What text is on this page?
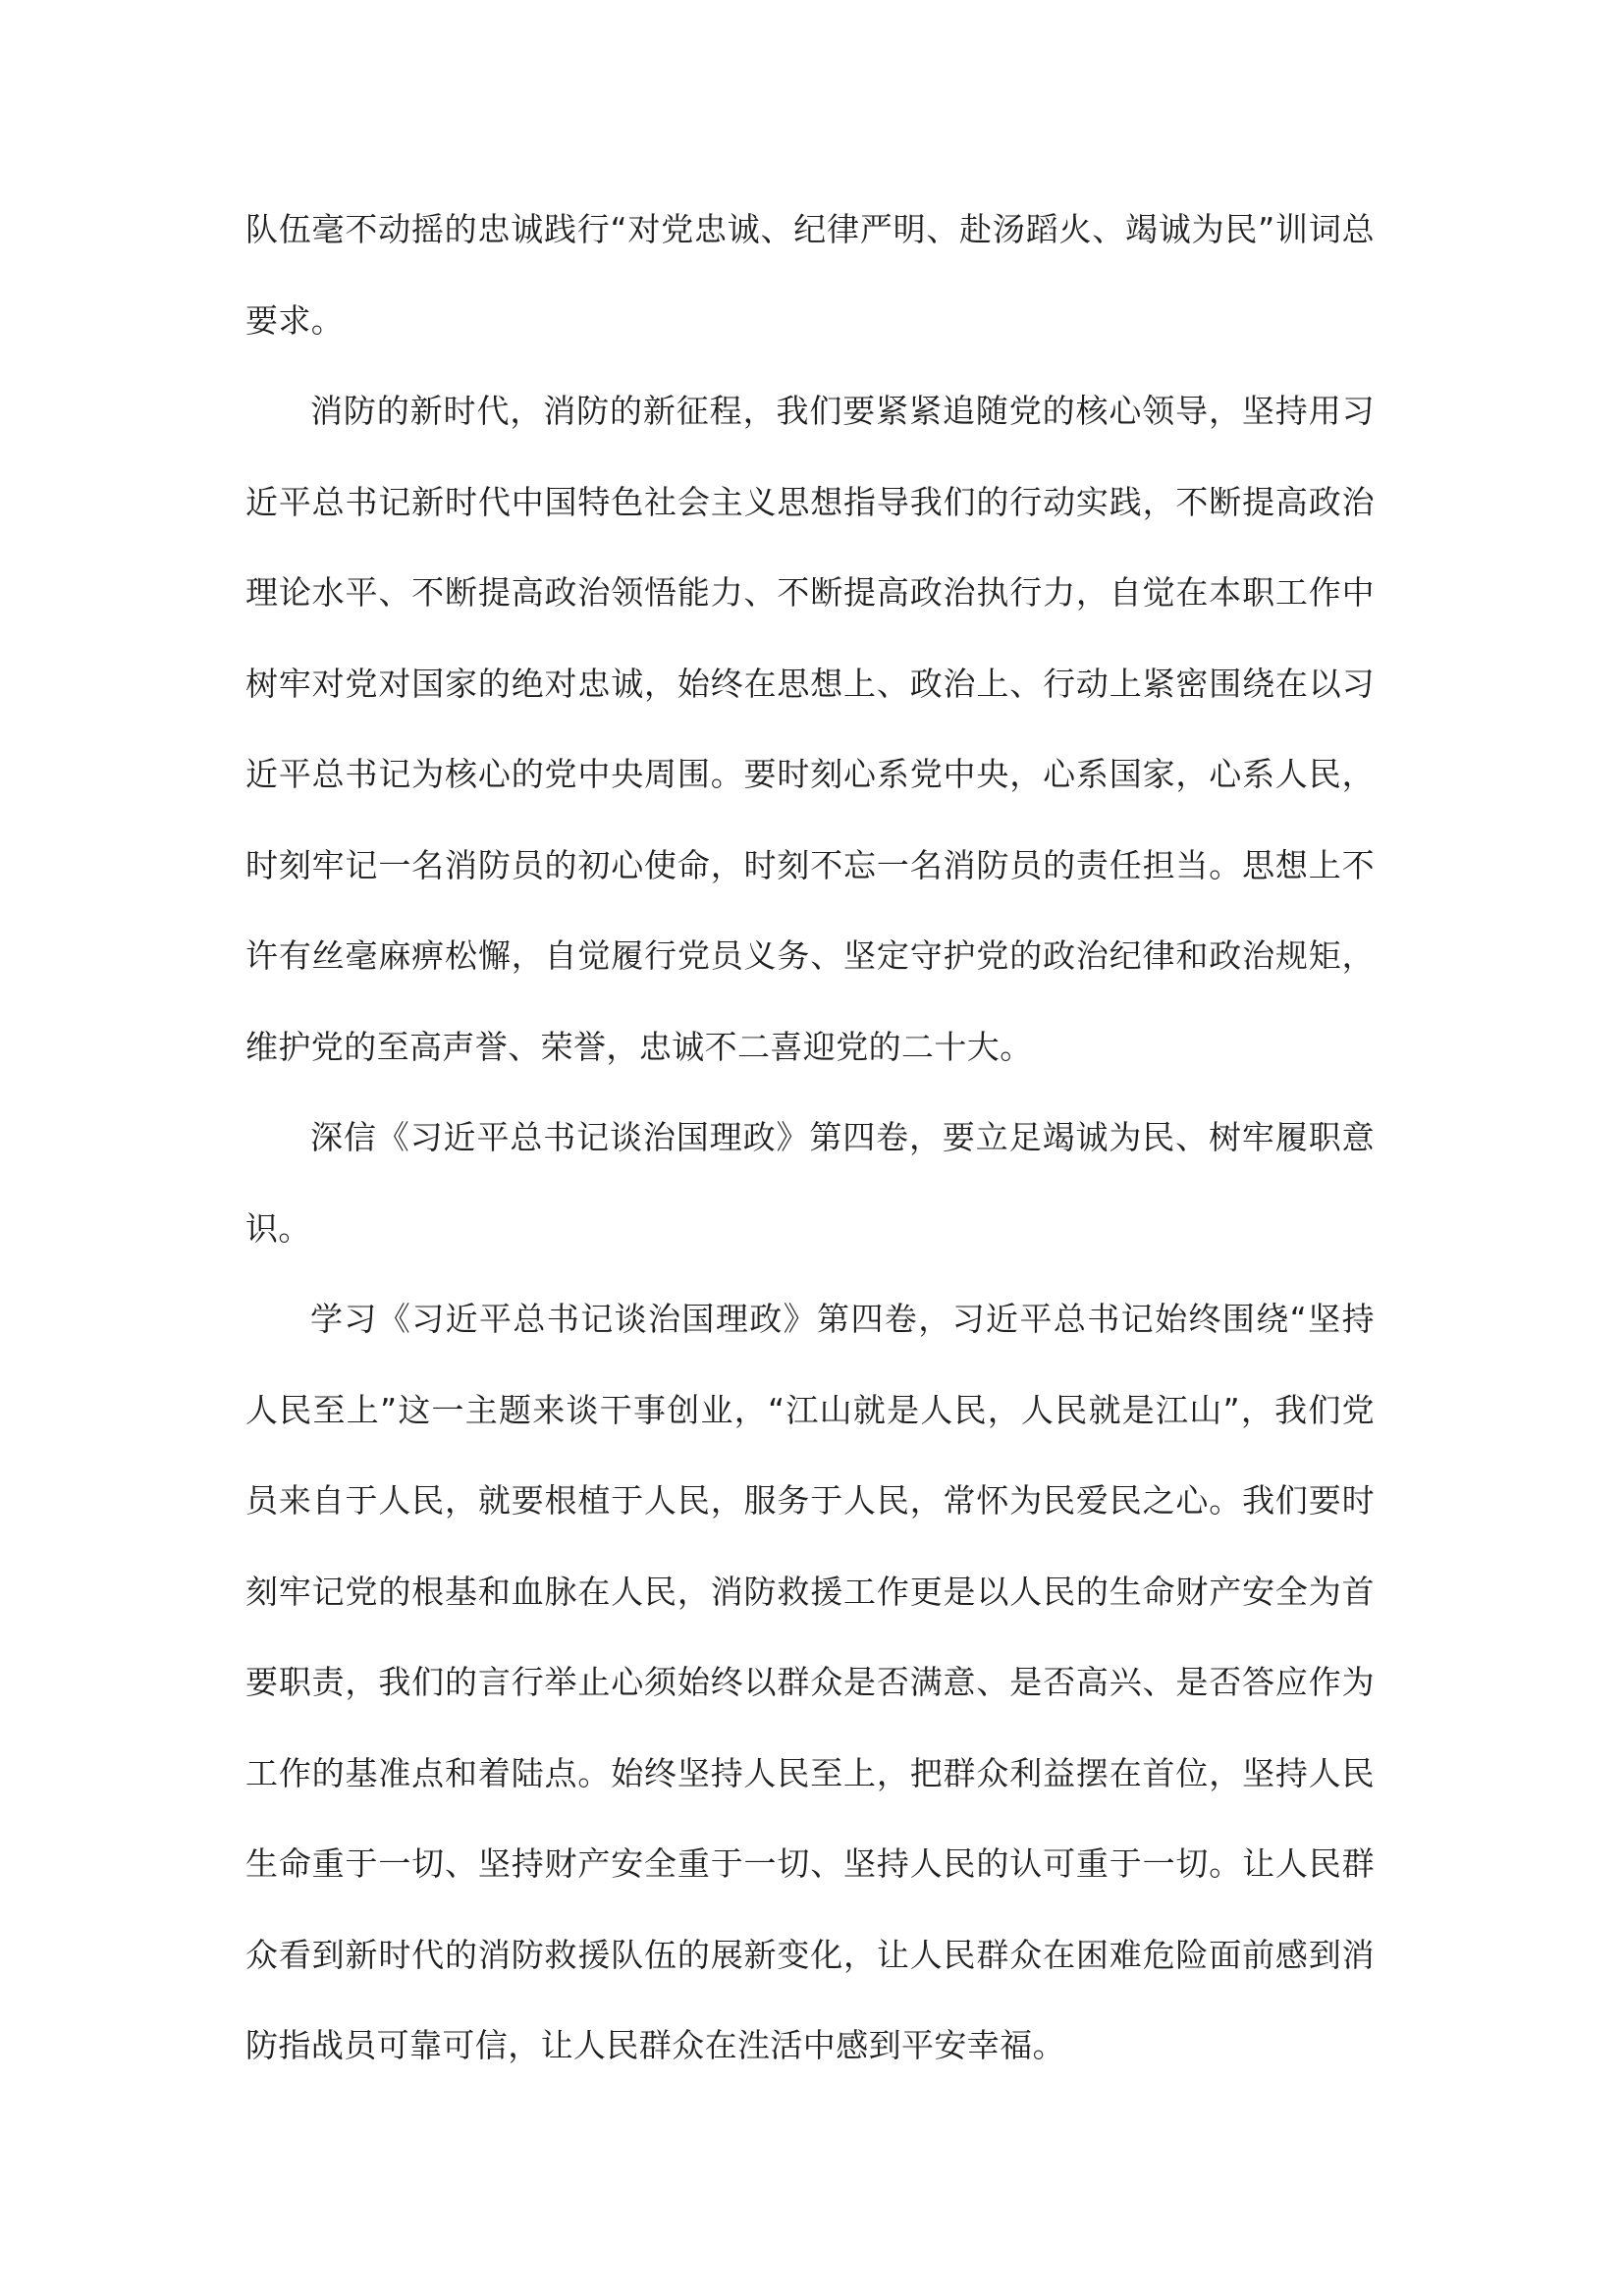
队伍毫不动摇的忠诚践行“对党忠诚、纪律严明、赴汤蹈火、竭诚为民”训词总要求。

消防的新时代，消防的新征程，我们要紧紧追随党的核心领导，坚持用习近平总书记新时代中国特色社会主义思想指导我们的行动实践，不断提高政治理论水平、不断提高政治领悟能力、不断提高政治执行力，自觉在本职工作中树牢对党对国家的绝对忠诚，始终在思想上、政治上、行动上紧密围绕在以习近平总书记为核心的党中央周围。要时刻心系党中央，心系国家，心系人民，时刻牢记一名消防员的初心使命，时刻不忘一名消防员的责任担当。思想上不许有丝毫麻痹松懈，自觉履行党员义务、坚定守护党的政治纪律和政治规矩，维护党的至高声誉、荣誉，忠诚不二喜迎党的二十大。

深信《习近平总书记谈治国理政》第四卷，要立足竭诚为民、树牢履职意识。

学习《习近平总书记谈治国理政》第四卷，习近平总书记始终围绕“坚持人民至上”这一主题来谈干事创业，“江山就是人民，人民就是江山”，我们党员来自于人民，就要根植于人民，服务于人民，常怀为民爱民之心。我们要时刻牢记党的根基和血脉在人民，消防救援工作更是以人民的生命财产安全为首要职责，我们的言行举止心须始终以群众是否满意、是否高兴、是否答应作为工作的基准点和着陆点。始终坚持人民至上，把群众利益摆在首位，坚持人民生命重于一切、坚持财产安全重于一切、坚持人民的认可重于一切。让人民群众看到新时代的消防救援队伍的展新变化，让人民群众在困难危险面前感到消防指战员可靠可信，让人民群众在泩活中感到平安幸福。
